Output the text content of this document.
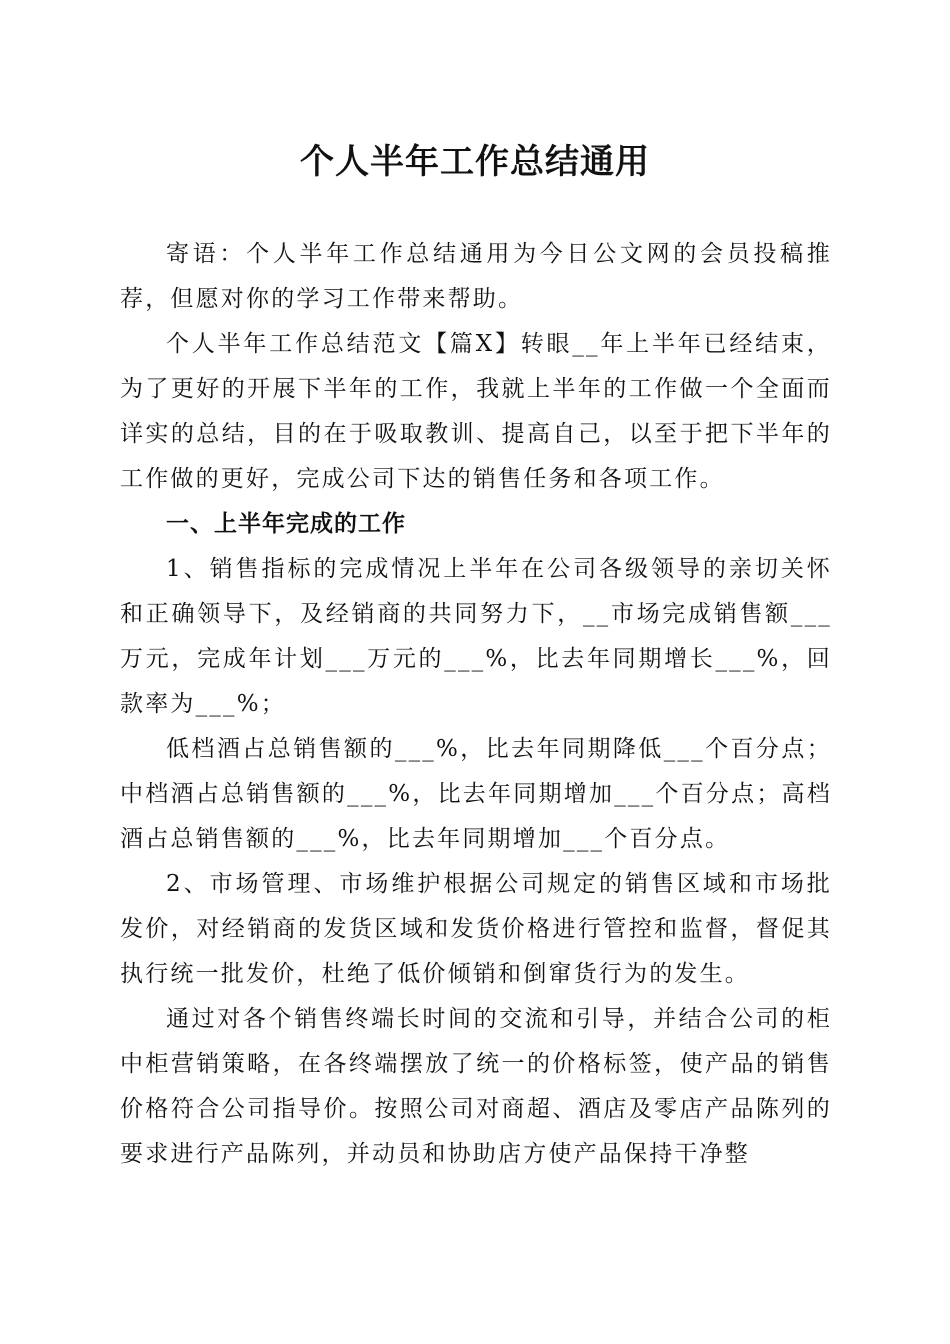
个人半年工作总结通用

寄语：个人半年工作总结通用为今日公文网的会员投稿推荐，但愿对你的学习工作带来帮助。

个人半年工作总结范文【篇X】转眼__年上半年已经结束，为了更好的开展下半年的工作，我就上半年的工作做一个全面而详实的总结，目的在于吸取教训、提高自己，以至于把下半年的工作做的更好，完成公司下达的销售任务和各项工作。

一、上半年完成的工作

1、销售指标的完成情况上半年在公司各级领导的亲切关怀和正确领导下，及经销商的共同努力下，__市场完成销售额___万元，完成年计划___万元的___%，比去年同期增长___%，回款率为___%；

低档酒占总销售额的___%，比去年同期降低___个百分点；中档酒占总销售额的___%，比去年同期增加___个百分点；高档酒占总销售额的___%，比去年同期增加___个百分点。

2、市场管理、市场维护根据公司规定的销售区域和市场批发价，对经销商的发货区域和发货价格进行管控和监督，督促其执行统一批发价，杜绝了低价倾销和倒窜货行为的发生。

通过对各个销售终端长时间的交流和引导，并结合公司的柜中柜营销策略，在各终端摆放了统一的价格标签，使产品的销售价格符合公司指导价。按照公司对商超、酒店及零店产品陈列的要求进行产品陈列，并动员和协助店方使产品保持干净整
